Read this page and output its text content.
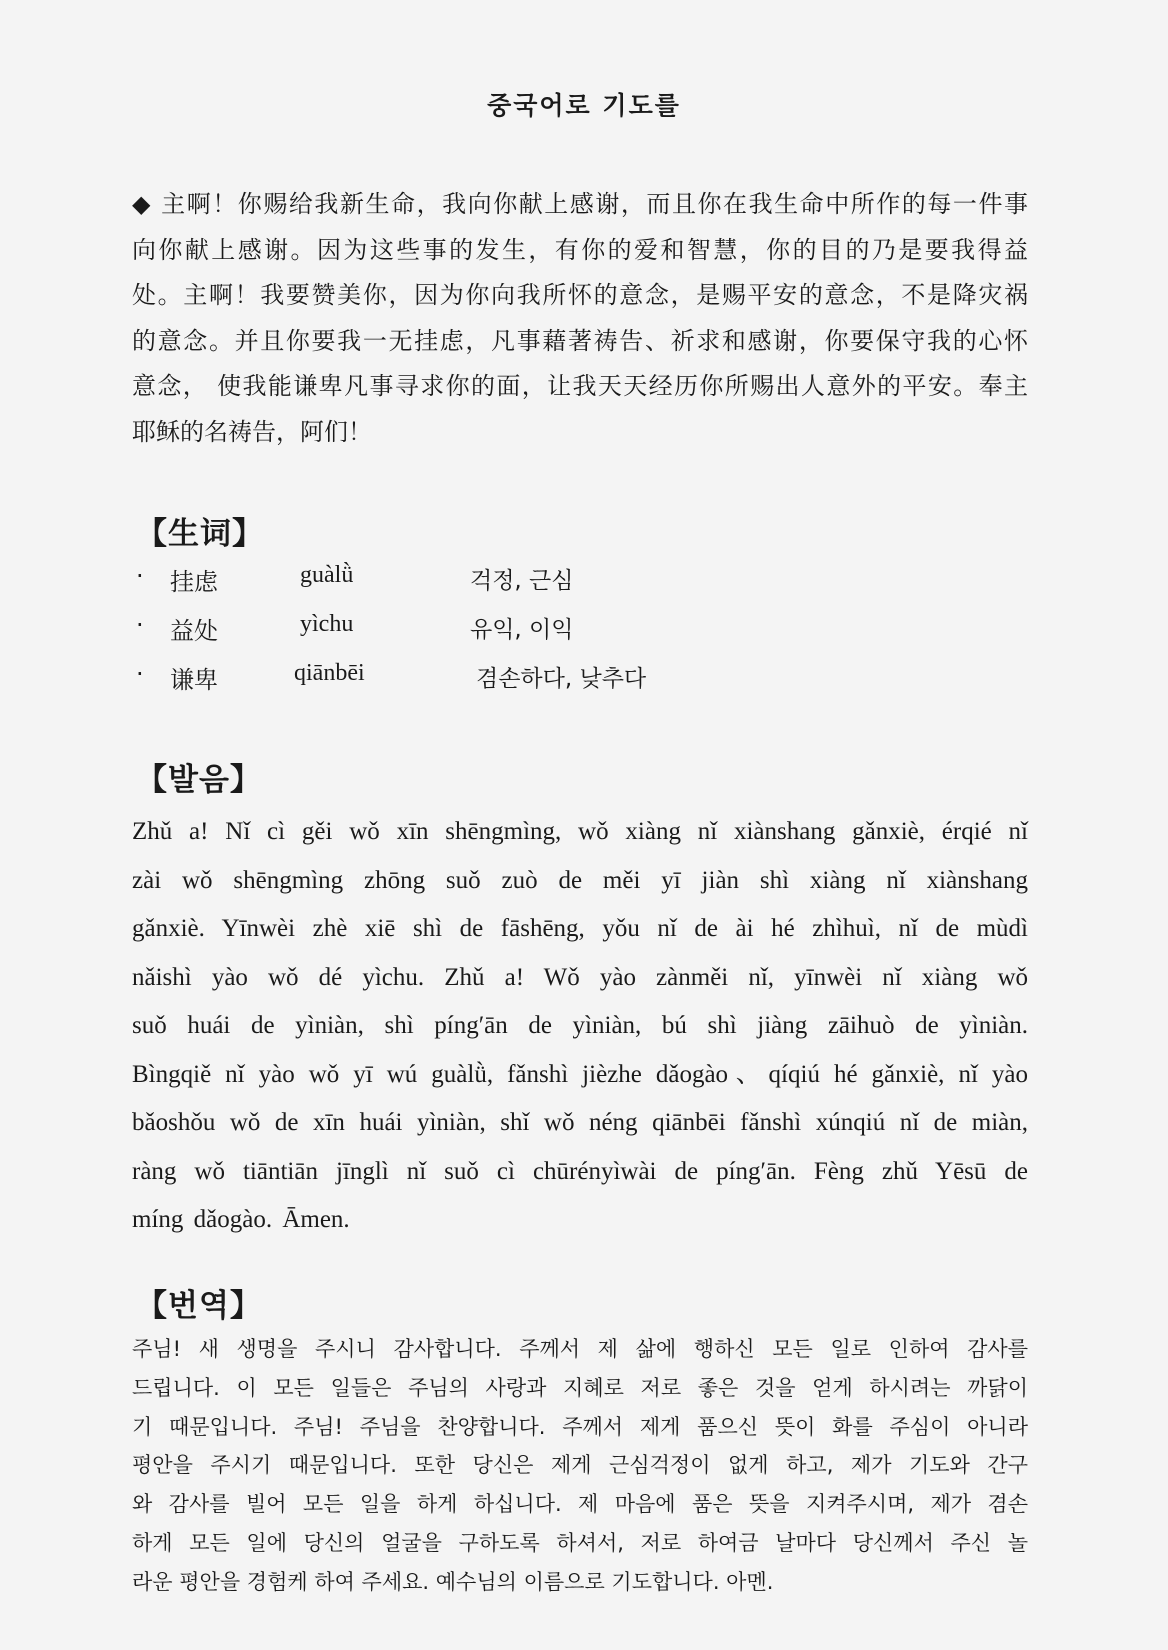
중국어로 기도를
◆ 主啊！你赐给我新生命，我向你献上感谢，而且你在我生命中所作的每一件事
向你献上感谢。因为这些事的发生，有你的爱和智慧，你的目的乃是要我得益
处。主啊！我要赞美你，因为你向我所怀的意念，是赐平安的意念，不是降灾祸
的意念。并且你要我一无挂虑，凡事藉著祷告、祈求和感谢，你要保守我的心怀
意念， 使我能谦卑凡事寻求你的面，让我天天经历你所赐出人意外的平安。奉主
耶稣的名祷告，阿们！
【生词】
· 挂虑	guàlǜ	걱정, 근심
· 益处	yìchu	유익, 이익
· 谦卑	qiānbēi	겸손하다, 낮추다
【발음】
Zhǔ a! Nǐ cì gěi wǒ xīn shēngmìng, wǒ xiàng nǐ xiànshang gǎnxiè, érqié nǐ
zài wǒ shēngmìng zhōng suǒ zuò de měi yī jiàn shì xiàng nǐ xiànshang
gǎnxiè. Yīnwèi zhè xiē shì de fāshēng, yǒu nǐ de ài hé zhìhuì, nǐ de mùdì
nǎishì yào wǒ dé yìchu. Zhǔ a! Wǒ yào zànměi nǐ, yīnwèi nǐ xiàng wǒ
suǒ huái de yìniàn, shì píng′ān de yìniàn, bú shì jiàng zāihuò de yìniàn.
Bìngqiě nǐ yào wǒ yī wú guàlǜ, fǎnshì jièzhe dǎogào、qíqiú hé gǎnxiè, nǐ yào
bǎoshǒu wǒ de xīn huái yìniàn, shǐ wǒ néng qiānbēi fǎnshì xúnqiú nǐ de miàn,
ràng wǒ tiāntiān jīnglì nǐ suǒ cì chūrényìwài de píng′ān. Fèng zhǔ Yēsū de
míng dǎogào. Āmen.
【번역】
주님! 새 생명을 주시니 감사합니다. 주께서 제 삶에 행하신 모든 일로 인하여 감사를
드립니다. 이 모든 일들은 주님의 사랑과 지혜로 저로 좋은 것을 얻게 하시려는 까닭이
기 때문입니다. 주님! 주님을 찬양합니다. 주께서 제게 품으신 뜻이 화를 주심이 아니라
평안을 주시기 때문입니다. 또한 당신은 제게 근심걱정이 없게 하고, 제가 기도와 간구
와 감사를 빌어 모든 일을 하게 하십니다. 제 마음에 품은 뜻을 지켜주시며, 제가 겸손
하게 모든 일에 당신의 얼굴을 구하도록 하셔서, 저로 하여금 날마다 당신께서 주신 놀
라운 평안을 경험케 하여 주세요. 예수님의 이름으로 기도합니다. 아멘.
